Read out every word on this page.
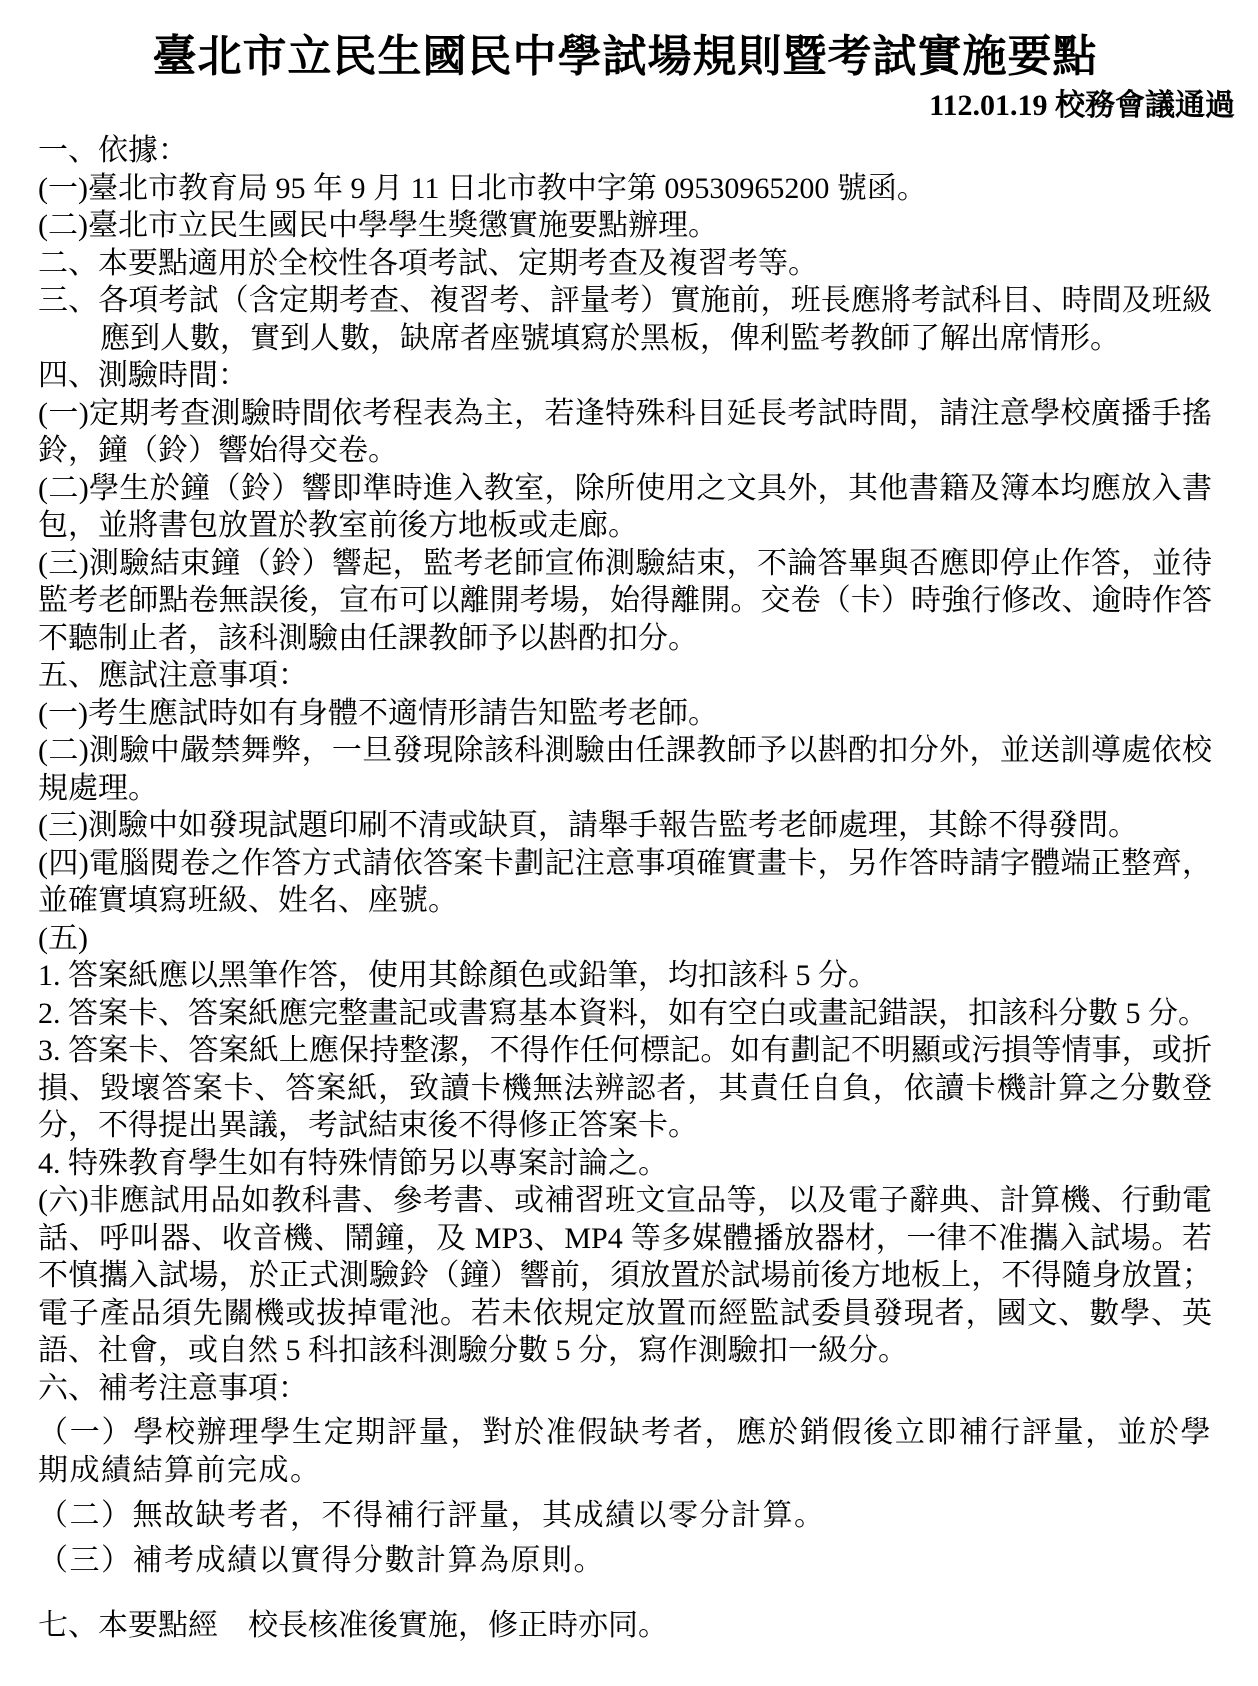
臺北市立民生國民中學試場規則暨考試實施要點
112.01.19 校務會議通過
一、依據：
(一)臺北市教育局 95 年 9 月 11 日北市教中字第 09530965200 號函。
(二)臺北市立民生國民中學學生獎懲實施要點辦理。
二、本要點適用於全校性各項考試、定期考查及複習考等。
三、各項考試（含定期考查、複習考、評量考）實施前，班長應將考試科目、時間及班級應到人數，實到人數，缺席者座號填寫於黑板，俾利監考教師了解出席情形。
四、測驗時間：
(一)定期考查測驗時間依考程表為主，若逢特殊科目延長考試時間，請注意學校廣播手搖鈴，鐘（鈴）響始得交卷。
(二)學生於鐘（鈴）響即準時進入教室，除所使用之文具外，其他書籍及簿本均應放入書包，並將書包放置於教室前後方地板或走廊。
(三)測驗結束鐘（鈴）響起，監考老師宣佈測驗結束，不論答畢與否應即停止作答，並待監考老師點卷無誤後，宣布可以離開考場，始得離開。交卷（卡）時強行修改、逾時作答不聽制止者，該科測驗由任課教師予以斟酌扣分。
五、應試注意事項：
(一)考生應試時如有身體不適情形請告知監考老師。
(二)測驗中嚴禁舞弊，一旦發現除該科測驗由任課教師予以斟酌扣分外，並送訓導處依校規處理。
(三)測驗中如發現試題印刷不清或缺頁，請舉手報告監考老師處理，其餘不得發問。
(四)電腦閱卷之作答方式請依答案卡劃記注意事項確實畫卡，另作答時請字體端正整齊，並確實填寫班級、姓名、座號。
(五)
1. 答案紙應以黑筆作答，使用其餘顏色或鉛筆，均扣該科 5 分。
2. 答案卡、答案紙應完整畫記或書寫基本資料，如有空白或畫記錯誤，扣該科分數 5 分。
3. 答案卡、答案紙上應保持整潔，不得作任何標記。如有劃記不明顯或污損等情事，或折損、毀壞答案卡、答案紙，致讀卡機無法辨認者，其責任自負，依讀卡機計算之分數登分，不得提出異議，考試結束後不得修正答案卡。
4. 特殊教育學生如有特殊情節另以專案討論之。
(六)非應試用品如教科書、參考書、或補習班文宣品等，以及電子辭典、計算機、行動電話、呼叫器、收音機、鬧鐘，及 MP3、MP4 等多媒體播放器材，一律不准攜入試場。若不慎攜入試場，於正式測驗鈴（鐘）響前，須放置於試場前後方地板上，不得隨身放置；電子產品須先關機或拔掉電池。若未依規定放置而經監試委員發現者，國文、數學、英語、社會，或自然 5 科扣該科測驗分數 5 分，寫作測驗扣一級分。
六、補考注意事項：
（一）學校辦理學生定期評量，對於准假缺考者，應於銷假後立即補行評量，並於學期成績結算前完成。
（二）無故缺考者，不得補行評量，其成績以零分計算。
（三）補考成績以實得分數計算為原則。
七、本要點經　校長核准後實施，修正時亦同。
